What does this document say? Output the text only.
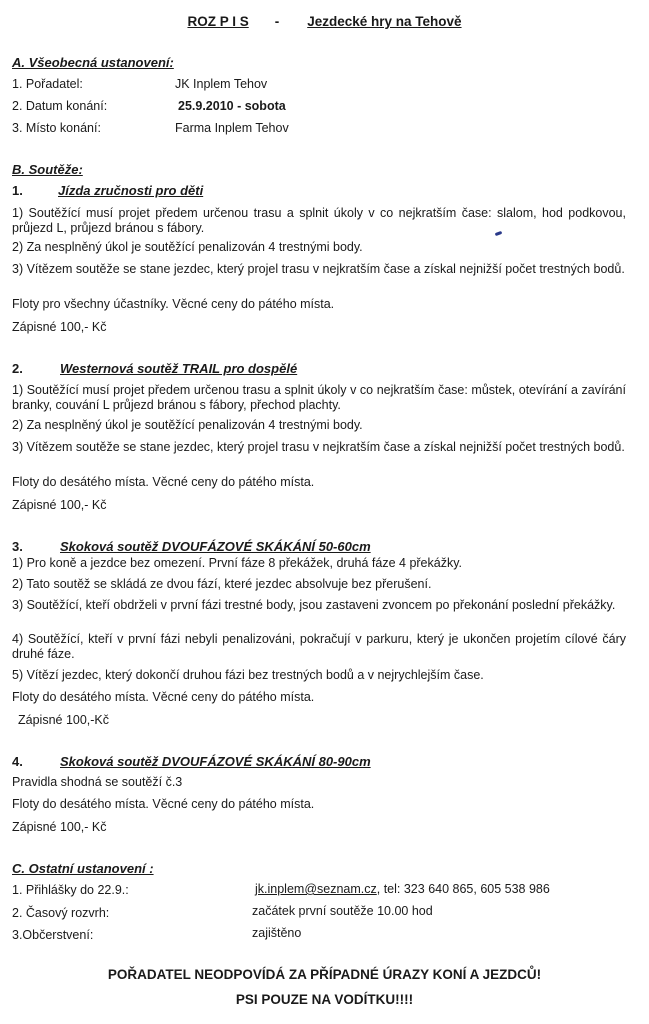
ROZ P I S - Jezdecké hry na Tehově
A. Všeobecná ustanovení:
1. Pořadatel:	JK Inplem Tehov
2. Datum konání:	25.9.2010 - sobota
3. Místo konání:	Farma Inplem Tehov
B. Soutěže:
1.	Jízda zručnosti pro děti
1) Soutěžící musí projet předem určenou trasu a splnit úkoly v co nejkratším čase: slalom, hod podkovou, průjezd L, průjezd bránou s fábory.
2) Za nesplněný úkol je soutěžící penalizován 4 trestnými body.
3) Vítězem soutěže se stane jezdec, který projel trasu v nejkratším čase a získal nejnižší počet trestných bodů.
Floty pro všechny účastníky. Věcné ceny do pátého místa.
Zápisné 100,- Kč
2.	Westernová soutěž TRAIL pro dospělé
1) Soutěžící musí projet předem určenou trasu a splnit úkoly v co nejkratším čase: můstek, otevírání a zavírání branky, couvání L průjezd bránou s fábory, přechod plachty.
2) Za nesplněný úkol je soutěžící penalizován 4 trestnými body.
3) Vítězem soutěže se stane jezdec, který projel trasu v nejkratším čase a získal nejnižší počet trestných bodů.
Floty do desátého místa. Věcné ceny do pátého místa.
Zápisné 100,- Kč
3.	Skoková soutěž DVOUFÁZOVÉ SKÁKÁNÍ 50-60cm
1) Pro koně a jezdce bez omezení. První fáze 8 překážek, druhá fáze 4 překážky.
2) Tato soutěž se skládá ze dvou fází, které jezdec absolvuje bez přerušení.
3) Soutěžící, kteří obdrželi v první fázi trestné body, jsou zastaveni zvoncem po překonání poslední překážky.
4) Soutěžící, kteří v první fázi nebyli penalizováni, pokračují v parkuru, který je ukončen projetím cílové čáry druhé fáze.
5) Vítězí jezdec, který dokončí druhou fázi bez trestných bodů a v nejrychlejším čase.
Floty do desátého místa. Věcné ceny do pátého místa.
Zápisné 100,-Kč
4.	Skoková soutěž DVOUFÁZOVÉ SKÁKÁNÍ 80-90cm
Pravidla shodná se soutěží č.3
Floty do desátého místa. Věcné ceny do pátého místa.
Zápisné 100,- Kč
C. Ostatní ustanovení :
1. Přihlášky do 22.9.:	jk.inplem@seznam.cz, tel: 323 640 865, 605 538 986
2. Časový rozvrh:	začátek první soutěže 10.00 hod
3.Občerstvení:	zajištěno
POŘADATEL NEODPOVÍDÁ ZA PŘÍPADNÉ ÚRAZY KONÍ A JEZDCŮ!
PSI POUZE NA VODÍTKU!!!!
